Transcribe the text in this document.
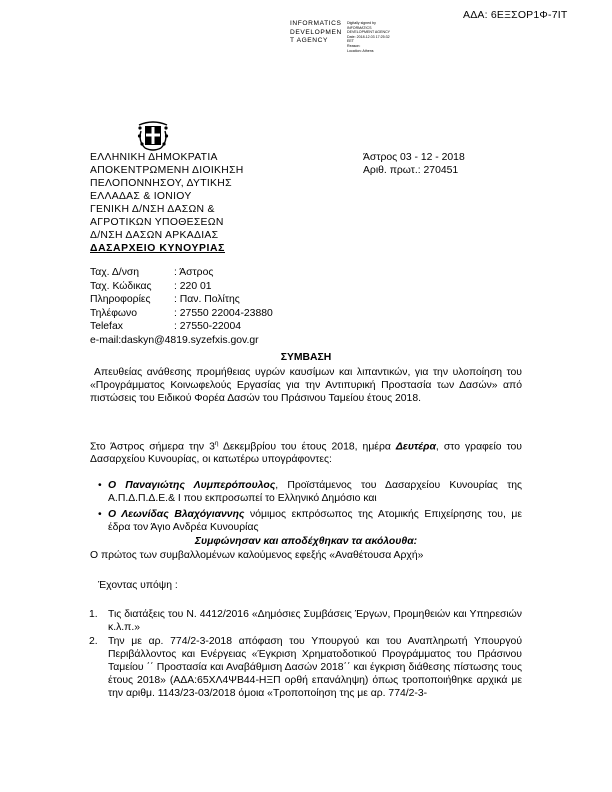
ΑΔΑ: 6ΕΞΣΟΡ1Φ-7ΙΤ
INFORMATICS
DEVELOPMEN
T AGENCY
Digitally signed by
INFORMATICS
DEVELOPMENT AGENCY
Date: 2018.12.03 17:25:32
EET
Reason:
Location: Athens
ΕΛΛΗΝΙΚΗ ΔΗΜΟΚΡΑΤΙΑ
ΑΠΟΚΕΝΤΡΩΜΕΝΗ ΔΙΟΙΚΗΣΗ
ΠΕΛΟΠΟΝΝΗΣΟΥ, ΔΥΤΙΚΗΣ
ΕΛΛΑΔΑΣ & ΙΟΝΙΟΥ
ΓΕΝΙΚΗ Δ/ΝΣΗ ΔΑΣΩΝ &
ΑΓΡΟΤΙΚΩΝ ΥΠΟΘΕΣΕΩΝ
Δ/ΝΣΗ ΔΑΣΩΝ ΑΡΚΑΔΙΑΣ
ΔΑΣΑΡΧΕΙΟ ΚΥΝΟΥΡΙΑΣ
Άστρος 03 - 12 - 2018
Αριθ. πρωτ.: 270451
Ταχ. Δ/νση	: Άστρος
Ταχ. Κώδικας : 220 01
Πληροφορίες : Παν. Πολίτης
Τηλέφωνο	: 27550 22004-23880
Telefax	: 27550-22004
e-mail:daskyn@4819.syzefxis.gov.gr
ΣΥΜΒΑΣΗ
Απευθείας ανάθεσης προμήθειας υγρών καυσίμων και λιπαντικών, για την υλοποίηση του «Προγράμματος Κοινωφελούς Εργασίας για την Αντιπυρική Προστασία των Δασών» από πιστώσεις του Ειδικού Φορέα Δασών του Πράσινου Ταμείου έτους 2018.
Στο Άστρος σήμερα την $3^\eta$ Δεκεμβρίου του έτους 2018, ημέρα Δευτέρα, στο γραφείο του Δασαρχείου Κυνουρίας, οι κατωτέρω υπογράφοντες:
• Ο Παναγιώτης Λυμπερόπουλος, Προϊστάμενος του Δασαρχείου Κυνουρίας της Α.Π.Δ.Π.Δ.Ε.& Ι που εκπροσωπεί το Ελληνικό Δημόσιο και
• Ο Λεωνίδας Βλαχόγιαννης νόμιμος εκπρόσωπος της Ατομικής Επιχείρησης του, με έδρα τον Άγιο Ανδρέα Κυνουρίας
Συμφώνησαν και αποδέχθηκαν τα ακόλουθα:
Ο πρώτος των συμβαλλομένων καλούμενος εφεξής «Αναθέτουσα Αρχή»
Έχοντας υπόψη :
1. Τις διατάξεις του Ν. 4412/2016 «Δημόσιες Συμβάσεις Έργων, Προμηθειών και Υπηρεσιών κ.λ.π.»
2. Την με αρ. 774/2-3-2018 απόφαση του Υπουργού και του Αναπληρωτή Υπουργού Περιβάλλοντος και Ενέργειας «Έγκριση Χρηματοδοτικού Προγράμματος του Πράσινου Ταμείου ΄΄ Προστασία και Αναβάθμιση Δασών 2018΄΄ και έγκριση διάθεσης πίστωσης τους έτους 2018» (ΑΔΑ:65ΧΛ4ΨΒ44-ΗΞΠ ορθή επανάληψη) όπως τροποποιήθηκε αρχικά με την αριθμ. 1143/23-03/2018 όμοια «Τροποποίηση της με αρ. 774/2-3-
